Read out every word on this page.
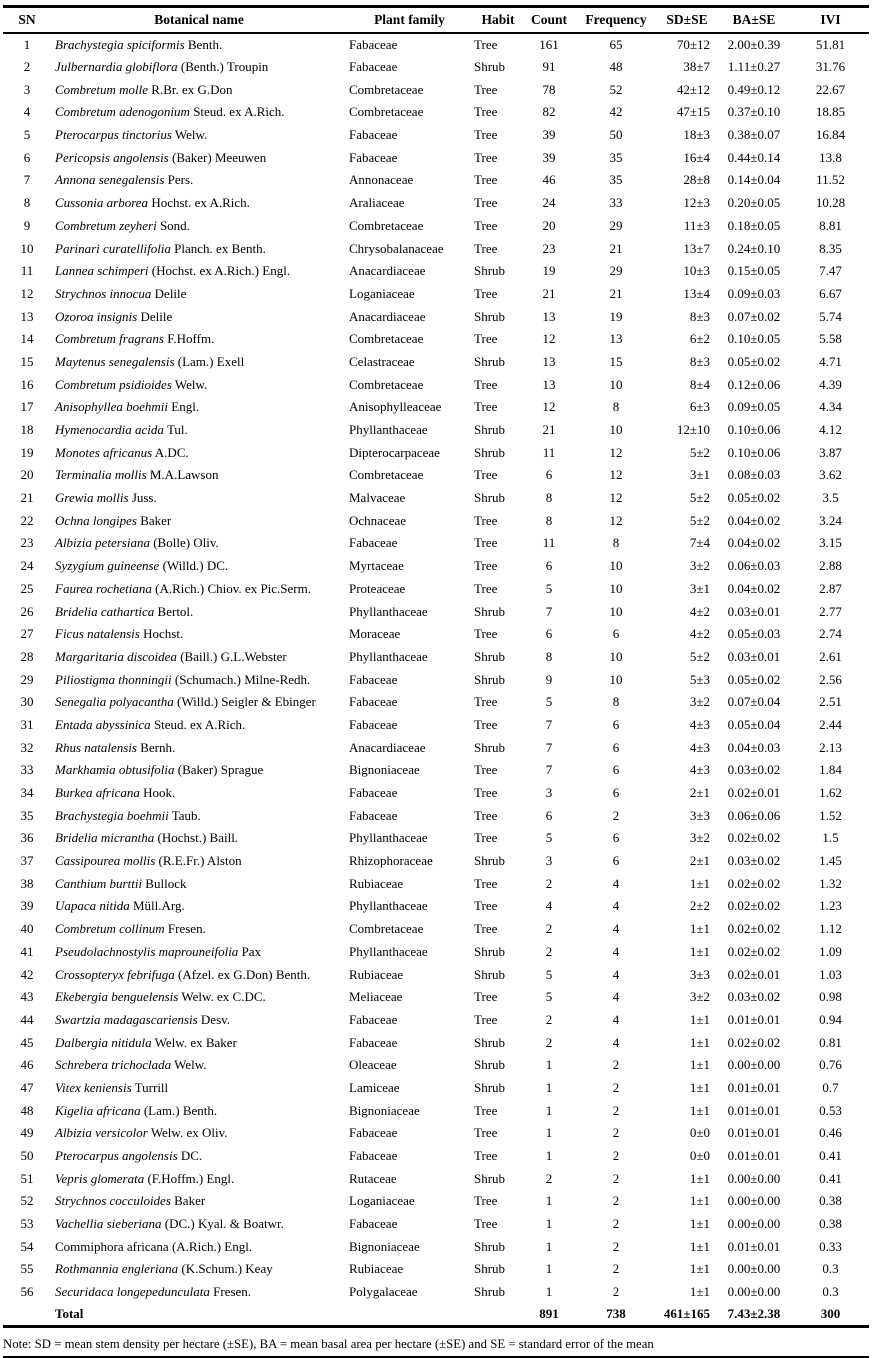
SN	Botanical name	Plant family	Habit	Count	Frequency	SD±SE	BA±SE	IVI
1	Brachystegia spiciformis Benth.	Fabaceae	Tree	161	65	70±12	2.00±0.39	51.81
2	Julbernardia globiflora (Benth.) Troupin	Fabaceae	Shrub	91	48	38±7	1.11±0.27	31.76
3	Combretum molle R.Br. ex G.Don	Combretaceae	Tree	78	52	42±12	0.49±0.12	22.67
4	Combretum adenogonium Steud. ex A.Rich.	Combretaceae	Tree	82	42	47±15	0.37±0.10	18.85
5	Pterocarpus tinctorius Welw.	Fabaceae	Tree	39	50	18±3	0.38±0.07	16.84
6	Pericopsis angolensis (Baker) Meeuwen	Fabaceae	Tree	39	35	16±4	0.44±0.14	13.8
7	Annona senegalensis Pers.	Annonaceae	Tree	46	35	28±8	0.14±0.04	11.52
8	Cussonia arborea Hochst. ex A.Rich.	Araliaceae	Tree	24	33	12±3	0.20±0.05	10.28
9	Combretum zeyheri Sond.	Combretaceae	Tree	20	29	11±3	0.18±0.05	8.81
10	Parinari curatellifolia Planch. ex Benth.	Chrysobalanaceae	Tree	23	21	13±7	0.24±0.10	8.35
11	Lannea schimperi (Hochst. ex A.Rich.) Engl.	Anacardiaceae	Shrub	19	29	10±3	0.15±0.05	7.47
12	Strychnos innocua Delile	Loganiaceae	Tree	21	21	13±4	0.09±0.03	6.67
13	Ozoroa insignis Delile	Anacardiaceae	Shrub	13	19	8±3	0.07±0.02	5.74
14	Combretum fragrans F.Hoffm.	Combretaceae	Tree	12	13	6±2	0.10±0.05	5.58
15	Maytenus senegalensis (Lam.) Exell	Celastraceae	Shrub	13	15	8±3	0.05±0.02	4.71
16	Combretum psidioides Welw.	Combretaceae	Tree	13	10	8±4	0.12±0.06	4.39
17	Anisophyllea boehmii Engl.	Anisophylleaceae	Tree	12	8	6±3	0.09±0.05	4.34
18	Hymenocardia acida Tul.	Phyllanthaceae	Shrub	21	10	12±10	0.10±0.06	4.12
19	Monotes africanus A.DC.	Dipterocarpaceae	Shrub	11	12	5±2	0.10±0.06	3.87
20	Terminalia mollis M.A.Lawson	Combretaceae	Tree	6	12	3±1	0.08±0.03	3.62
21	Grewia mollis Juss.	Malvaceae	Shrub	8	12	5±2	0.05±0.02	3.5
22	Ochna longipes Baker	Ochnaceae	Tree	8	12	5±2	0.04±0.02	3.24
23	Albizia petersiana (Bolle) Oliv.	Fabaceae	Tree	11	8	7±4	0.04±0.02	3.15
24	Syzygium guineense (Willd.) DC.	Myrtaceae	Tree	6	10	3±2	0.06±0.03	2.88
25	Faurea rochetiana (A.Rich.) Chiov. ex Pic.Serm.	Proteaceae	Tree	5	10	3±1	0.04±0.02	2.87
26	Bridelia cathartica Bertol.	Phyllanthaceae	Shrub	7	10	4±2	0.03±0.01	2.77
27	Ficus natalensis Hochst.	Moraceae	Tree	6	6	4±2	0.05±0.03	2.74
28	Margaritaria discoidea (Baill.) G.L.Webster	Phyllanthaceae	Shrub	8	10	5±2	0.03±0.01	2.61
29	Piliostigma thonningii (Schumach.) Milne-Redh.	Fabaceae	Shrub	9	10	5±3	0.05±0.02	2.56
30	Senegalia polyacantha (Willd.) Seigler & Ebinger	Fabaceae	Tree	5	8	3±2	0.07±0.04	2.51
31	Entada abyssinica Steud. ex A.Rich.	Fabaceae	Tree	7	6	4±3	0.05±0.04	2.44
32	Rhus natalensis Bernh.	Anacardiaceae	Shrub	7	6	4±3	0.04±0.03	2.13
33	Markhamia obtusifolia (Baker) Sprague	Bignoniaceae	Tree	7	6	4±3	0.03±0.02	1.84
34	Burkea africana Hook.	Fabaceae	Tree	3	6	2±1	0.02±0.01	1.62
35	Brachystegia boehmii Taub.	Fabaceae	Tree	6	2	3±3	0.06±0.06	1.52
36	Bridelia micrantha (Hochst.) Baill.	Phyllanthaceae	Tree	5	6	3±2	0.02±0.02	1.5
37	Cassipourea mollis (R.E.Fr.) Alston	Rhizophoraceae	Shrub	3	6	2±1	0.03±0.02	1.45
38	Canthium burttii Bullock	Rubiaceae	Tree	2	4	1±1	0.02±0.02	1.32
39	Uapaca nitida Müll.Arg.	Phyllanthaceae	Tree	4	4	2±2	0.02±0.02	1.23
40	Combretum collinum Fresen.	Combretaceae	Tree	2	4	1±1	0.02±0.02	1.12
41	Pseudolachnostylis maprouneifolia Pax	Phyllanthaceae	Shrub	2	4	1±1	0.02±0.02	1.09
42	Crossopteryx febrifuga (Afzel. ex G.Don) Benth.	Rubiaceae	Shrub	5	4	3±3	0.02±0.01	1.03
43	Ekebergia benguelensis Welw. ex C.DC.	Meliaceae	Tree	5	4	3±2	0.03±0.02	0.98
44	Swartzia madagascariensis Desv.	Fabaceae	Tree	2	4	1±1	0.01±0.01	0.94
45	Dalbergia nitidula Welw. ex Baker	Fabaceae	Shrub	2	4	1±1	0.02±0.02	0.81
46	Schrebera trichoclada Welw.	Oleaceae	Shrub	1	2	1±1	0.00±0.00	0.76
47	Vitex keniensis Turrill	Lamiceae	Shrub	1	2	1±1	0.01±0.01	0.7
48	Kigelia africana (Lam.) Benth.	Bignoniaceae	Tree	1	2	1±1	0.01±0.01	0.53
49	Albizia versicolor Welw. ex Oliv.	Fabaceae	Tree	1	2	0±0	0.01±0.01	0.46
50	Pterocarpus angolensis DC.	Fabaceae	Tree	1	2	0±0	0.01±0.01	0.41
51	Vepris glomerata (F.Hoffm.) Engl.	Rutaceae	Shrub	2	2	1±1	0.00±0.00	0.41
52	Strychnos cocculoides Baker	Loganiaceae	Tree	1	2	1±1	0.00±0.00	0.38
53	Vachellia sieberiana (DC.) Kyal. & Boatwr.	Fabaceae	Tree	1	2	1±1	0.00±0.00	0.38
54	Commiphora africana (A.Rich.) Engl.	Bignoniaceae	Shrub	1	2	1±1	0.01±0.01	0.33
55	Rothmannia engleriana (K.Schum.) Keay	Rubiaceae	Shrub	1	2	1±1	0.00±0.00	0.3
56	Securidaca longepedunculata Fresen.	Polygalaceae	Shrub	1	2	1±1	0.00±0.00	0.3
	Total			891	738	461±165	7.43±2.38	300

Note: SD = mean stem density per hectare (±SE), BA = mean basal area per hectare (±SE) and SE = standard error of the mean
